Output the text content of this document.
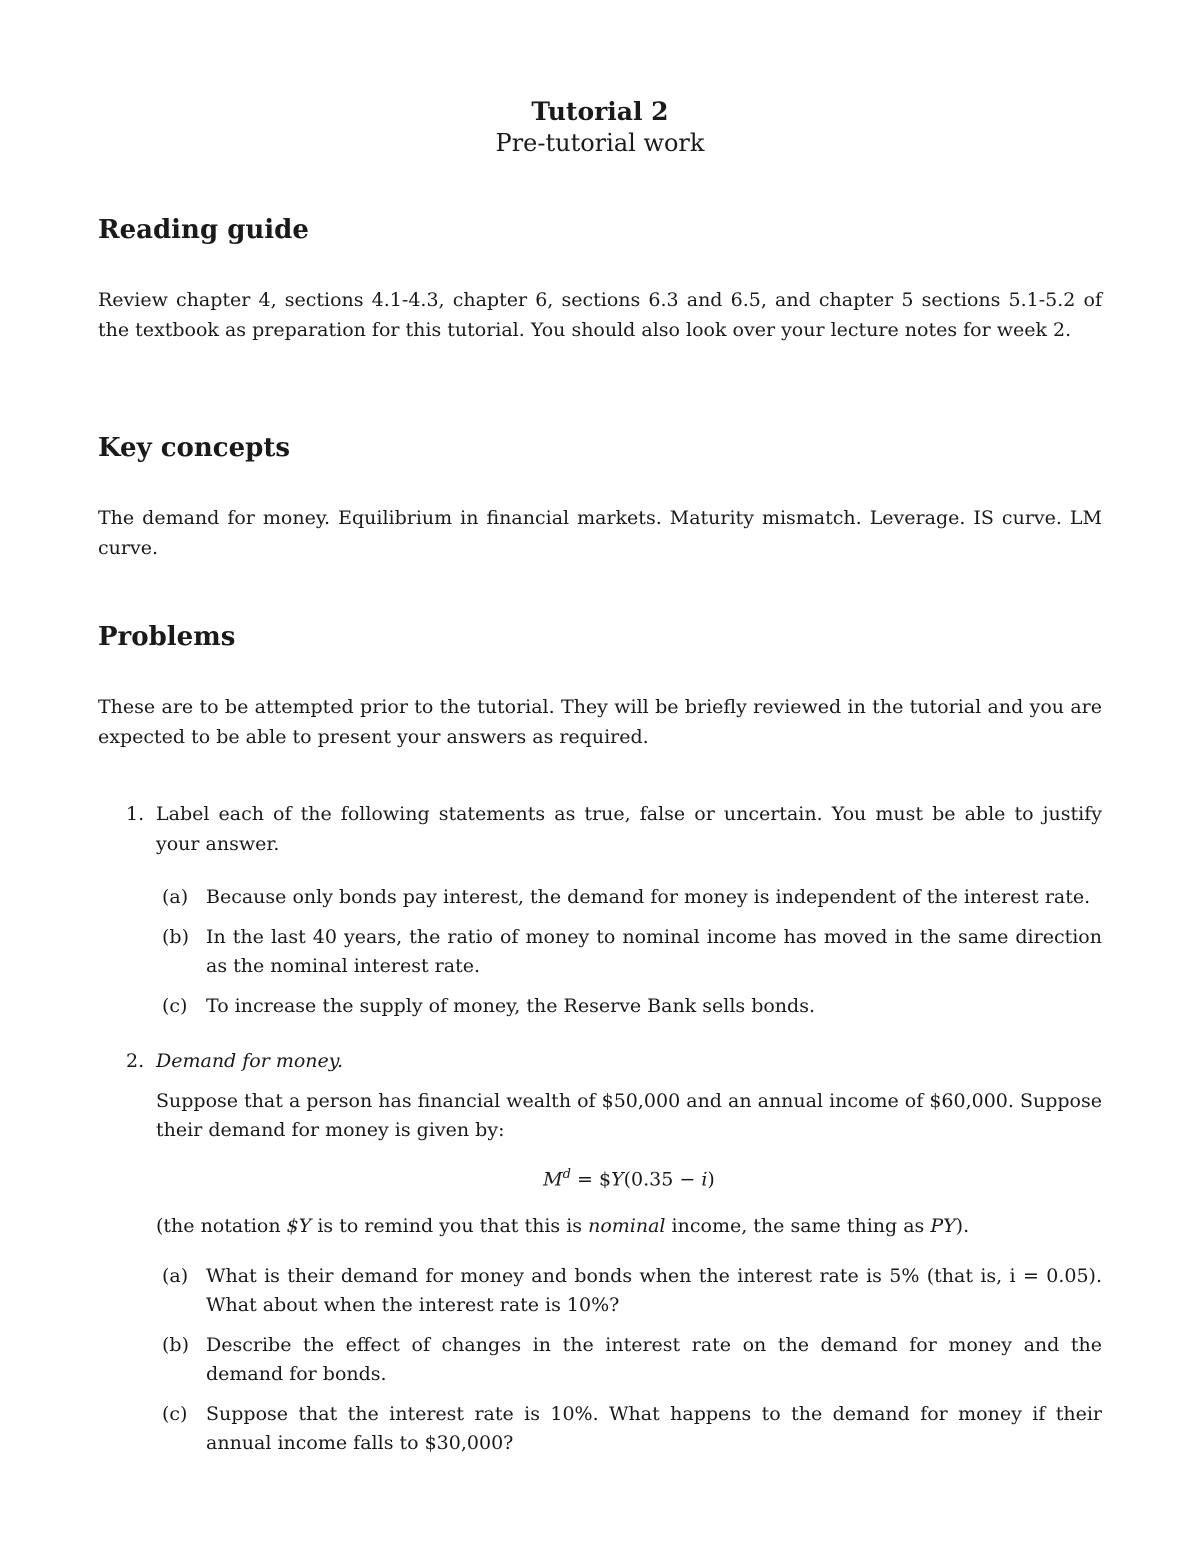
Tutorial 2
Pre-tutorial work
Reading guide
Review chapter 4, sections 4.1-4.3, chapter 6, sections 6.3 and 6.5, and chapter 5 sections 5.1-5.2 of the textbook as preparation for this tutorial. You should also look over your lecture notes for week 2.
Key concepts
The demand for money. Equilibrium in financial markets. Maturity mismatch. Leverage. IS curve. LM curve.
Problems
These are to be attempted prior to the tutorial. They will be briefly reviewed in the tutorial and you are expected to be able to present your answers as required.
1. Label each of the following statements as true, false or uncertain. You must be able to justify your answer.
(a) Because only bonds pay interest, the demand for money is independent of the interest rate.
(b) In the last 40 years, the ratio of money to nominal income has moved in the same direction as the nominal interest rate.
(c) To increase the supply of money, the Reserve Bank sells bonds.
2. Demand for money.
Suppose that a person has financial wealth of $50,000 and an annual income of $60,000. Suppose their demand for money is given by:
$M^d$ = $Y(0.35 − i)
(the notation $Y is to remind you that this is nominal income, the same thing as PY).
(a) What is their demand for money and bonds when the interest rate is 5% (that is, i = 0.05). What about when the interest rate is 10%?
(b) Describe the effect of changes in the interest rate on the demand for money and the demand for bonds.
(c) Suppose that the interest rate is 10%. What happens to the demand for money if their annual income falls to $30,000?
